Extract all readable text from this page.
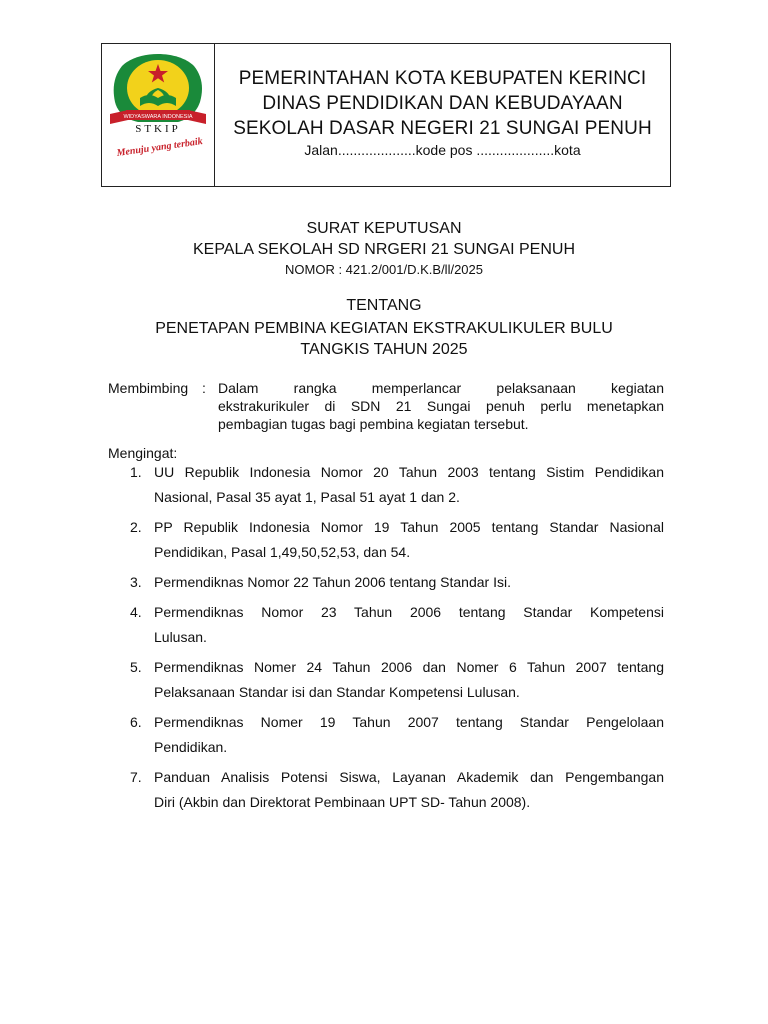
WIDYASWARA INDONESIA
STKIP
Menuju yang terbaik
PEMERINTAHAN KOTA KEBUPATEN KERINCI
DINAS PENDIDIKAN DAN KEBUDAYAAN
SEKOLAH DASAR NEGERI 21 SUNGAI PENUH
Jalan....................kode pos ....................kota
SURAT KEPUTUSAN
KEPALA SEKOLAH SD NRGERI 21 SUNGAI PENUH
NOMOR : 421.2/001/D.K.B/ll/2025
TENTANG
PENETAPAN PEMBINA KEGIATAN EKSTRAKULIKULER BULU
TANGKIS TAHUN 2025
Membimbing : Dalam rangka memperlancar pelaksanaan kegiatan
ekstrakurikuler di SDN 21 Sungai penuh perlu menetapkan
pembagian tugas bagi pembina kegiatan tersebut.
Mengingat:
1. UU Republik Indonesia Nomor 20 Tahun 2003 tentang Sistim Pendidikan
Nasional, Pasal 35 ayat 1, Pasal 51 ayat 1 dan 2.
2. PP Republik Indonesia Nomor 19 Tahun 2005 tentang Standar Nasional
Pendidikan, Pasal 1,49,50,52,53, dan 54.
3. Permendiknas Nomor 22 Tahun 2006 tentang Standar Isi.
4. Permendiknas Nomor 23 Tahun 2006 tentang Standar Kompetensi
Lulusan.
5. Permendiknas Nomer 24 Tahun 2006 dan Nomer 6 Tahun 2007 tentang
Pelaksanaan Standar isi dan Standar Kompetensi Lulusan.
6. Permendiknas Nomer 19 Tahun 2007 tentang Standar Pengelolaan
Pendidikan.
7. Panduan Analisis Potensi Siswa, Layanan Akademik dan Pengembangan
Diri (Akbin dan Direktorat Pembinaan UPT SD- Tahun 2008).
